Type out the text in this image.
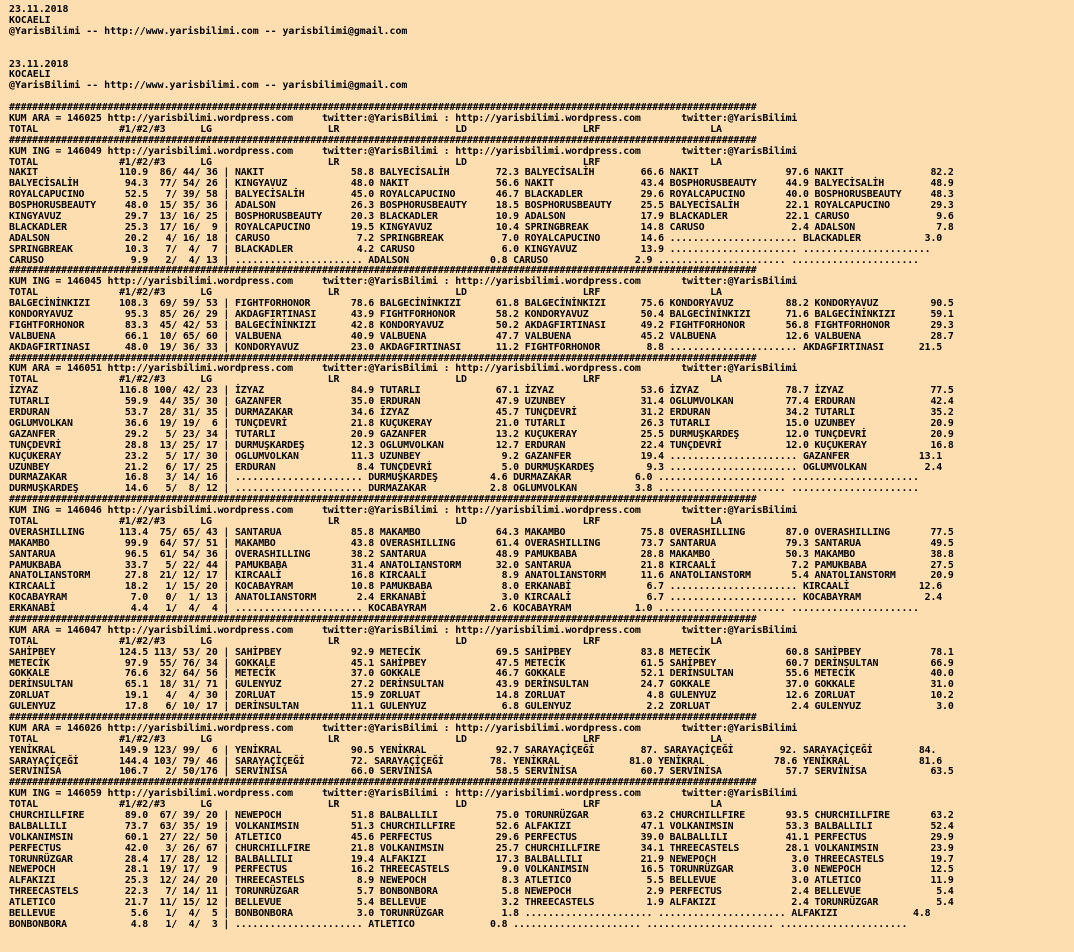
23.11.2018
KOCAELI
@YarisBilimi -- http://www.yarisbilimi.com -- yarisbilimi@gmail.com
23.11.2018
KOCAELI
@YarisBilimi -- http://www.yarisbilimi.com -- yarisbilimi@gmail.com
#################################################################################################################################
KUM ARA = 146025 http://yarisbilimi.wordpress.com     twitter:@YarisBilimi : http://yarisbilimi.wordpress.com       twitter:@YarisBilimi
TOTAL              #1/#2/#3      LG                    LR                    LD                    LRF                   LA
#################################################################################################################################
KUM ING = 146049 http://yarisbilimi.wordpress.com     twitter:@YarisBilimi : http://yarisbilimi.wordpress.com       twitter:@YarisBilimi
TOTAL              #1/#2/#3      LG                    LR                    LD                    LRF                   LA
NAKIT              110.9  86/ 44/ 36 | NAKIT               58.8 BALYECİSALİH        72.3 BALYECİSALİH        66.6 NAKIT               97.6 NAKIT               82.2
BALYECİSALİH        94.3  77/ 54/ 26 | KINGYAVUZ           48.0 NAKIT               56.6 NAKIT               43.4 BOSPHORUSBEAUTY     44.9 BALYECİSALİH        48.9
ROYALCAPUCINO       52.5   7/ 39/ 58 | BALYECİSALİH        45.0 ROYALCAPUCINO       46.7 BLACKADLER          29.6 ROYALCAPUCINO       40.0 BOSPHORUSBEAUTY     48.3
BOSPHORUSBEAUTY     48.0  15/ 35/ 36 | ADALSON             26.3 BOSPHORUSBEAUTY     18.5 BOSPHORUSBEAUTY     25.5 BALYECİSALİH        22.1 ROYALCAPUCINO       29.3
KINGYAVUZ           29.7  13/ 16/ 25 | BOSPHORUSBEAUTY     20.3 BLACKADLER          10.9 ADALSON             17.9 BLACKADLER          22.1 CARUSO               9.6
BLACKADLER          25.3  17/ 16/  9 | ROYALCAPUCINO       19.5 KINGYAVUZ           10.4 SPRINGBREAK         14.8 CARUSO               2.4 ADALSON              7.8
ADALSON             20.2   4/ 16/ 18 | CARUSO               7.2 SPRINGBREAK          7.0 ROYALCAPUCINO       14.6 ...................... BLACKADLER           3.0
SPRINGBREAK         10.3   7/  4/  7 | BLACKADLER           4.2 CARUSO               6.0 KINGYAVUZ           13.9 ...................... ......................
CARUSO               9.9   2/  4/ 13 | ...................... ADALSON              0.8 CARUSO               2.9 ...................... ......................
#################################################################################################################################
KUM ING = 146045 http://yarisbilimi.wordpress.com     twitter:@YarisBilimi : http://yarisbilimi.wordpress.com       twitter:@YarisBilimi
TOTAL              #1/#2/#3      LG                    LR                    LD                    LRF                   LA
BALGECİNİNKIZI     108.3  69/ 59/ 53 | FIGHTFORHONOR       78.6 BALGECİNİNKIZI      61.8 BALGECİNİNKIZI      75.6 KONDORYAVUZ         88.2 KONDORYAVUZ         90.5
KONDORYAVUZ         95.3  85/ 26/ 29 | AKDAGFIRTINASI      43.9 FIGHTFORHONOR       58.2 KONDORYAVUZ         50.4 BALGECİNİNKIZI      71.6 BALGECİNİNKIZI      59.1
FIGHTFORHONOR       83.3  45/ 42/ 53 | BALGECİNİNKIZI      42.8 KONDORYAVUZ         50.2 AKDAGFIRTINASI      49.2 FIGHTFORHONOR       56.8 FIGHTFORHONOR       29.3
VALBUENA            66.1  10/ 65/ 60 | VALBUENA            40.9 VALBUENA            47.7 VALBUENA            45.2 VALBUENA            12.6 VALBUENA            28.7
AKDAGFIRTINASI      48.0  19/ 36/ 33 | KONDORYAVUZ         23.0 AKDAGFIRTINASI      11.2 FIGHTFORHONOR        8.8 ...................... AKDAGFIRTINASI      21.5
#################################################################################################################################
KUM ARA = 146051 http://yarisbilimi.wordpress.com     twitter:@YarisBilimi : http://yarisbilimi.wordpress.com       twitter:@YarisBilimi
TOTAL              #1/#2/#3      LG                    LR                    LD                    LRF                   LA
İZYAZ              116.8 100/ 42/ 23 | İZYAZ               84.9 TUTARLI             67.1 İZYAZ               53.6 İZYAZ               78.7 İZYAZ               77.5
TUTARLI             59.9  44/ 35/ 30 | GAZANFER            35.0 ERDURAN             47.9 UZUNBEY             31.4 OGLUMVOLKAN         77.4 ERDURAN             42.4
ERDURAN             53.7  28/ 31/ 35 | DURMAZAKAR          34.6 İZYAZ               45.7 TUNÇDEVRİ           31.2 ERDURAN             34.2 TUTARLI             35.2
OGLUMVOLKAN         36.6  19/ 19/  6 | TUNÇDEVRİ           21.8 KUÇUKERAY           21.0 TUTARLI             26.3 TUTARLI             15.0 UZUNBEY             20.9
GAZANFER            29.2   5/ 23/ 34 | TUTARLI             20.9 GAZANFER            13.2 KUÇUKERAY           25.5 DURMUŞKARDEŞ        12.0 TUNÇDEVRİ           20.9
TUNÇDEVRİ           28.8  13/ 25/ 17 | DURMUŞKARDEŞ        12.3 OGLUMVOLKAN         12.7 ERDURAN             22.4 TUNÇDEVRİ           12.0 KUÇUKERAY           16.8
KUÇUKERAY           23.2   5/ 17/ 30 | OGLUMVOLKAN         11.3 UZUNBEY              9.2 GAZANFER            19.4 ...................... GAZANFER            13.1
UZUNBEY             21.2   6/ 17/ 25 | ERDURAN              8.4 TUNÇDEVRİ            5.0 DURMUŞKARDEŞ         9.3 ...................... OGLUMVOLKAN          2.4
DURMAZAKAR          16.8   3/ 14/ 16 | ...................... DURMUŞKARDEŞ         4.6 DURMAZAKAR           6.0 ...................... ......................
DURMUŞKARDEŞ        14.6   5/  8/ 12 | ...................... DURMAZAKAR           2.8 OGLUMVOLKAN          3.8 ...................... ......................
#################################################################################################################################
KUM ING = 146046 http://yarisbilimi.wordpress.com     twitter:@YarisBilimi : http://yarisbilimi.wordpress.com       twitter:@YarisBilimi
TOTAL              #1/#2/#3      LG                    LR                    LD                    LRF                   LA
OVERASHILLING      113.4  75/ 65/ 43 | SANTARUA            85.8 MAKAMBO             64.3 MAKAMBO             75.8 OVERASHILLING       87.0 OVERASHILLING       77.5
MAKAMBO             99.9  64/ 57/ 51 | MAKAMBO             43.8 OVERASHILLING       61.4 OVERASHILLING       73.7 SANTARUA            79.3 SANTARUA            49.5
SANTARUA            96.5  61/ 54/ 36 | OVERASHILLING       38.2 SANTARUA            48.9 PAMUKBABA           28.8 MAKAMBO             50.3 MAKAMBO             38.8
PAMUKBABA           33.7   5/ 22/ 44 | PAMUKBABA           31.4 ANATOLIANSTORM      32.0 SANTARUA            21.8 KIRCAALİ             7.2 PAMUKBABA           27.5
ANATOLIANSTORM      27.8  21/ 12/ 17 | KIRCAALİ            16.8 KIRCAALİ             8.9 ANATOLIANSTORM      11.6 ANATOLIANSTORM       5.4 ANATOLIANSTORM      20.9
KIRCAALİ            18.2   1/ 15/ 20 | KOCABAYRAM          10.8 PAMUKBABA            8.0 ERKANABİ             6.7 ...................... KIRCAALİ            12.6
KOCABAYRAM           7.0   0/  1/ 13 | ANATOLIANSTORM       2.4 ERKANABİ             3.0 KIRCAALİ             6.7 ...................... KOCABAYRAM           2.4
ERKANABİ             4.4   1/  4/  4 | ...................... KOCABAYRAM           2.6 KOCABAYRAM           1.0 ...................... ......................
#################################################################################################################################
KUM ARA = 146047 http://yarisbilimi.wordpress.com     twitter:@YarisBilimi : http://yarisbilimi.wordpress.com       twitter:@YarisBilimi
TOTAL              #1/#2/#3      LG                    LR                    LD                    LRF                   LA
SAHİPBEY           124.5 113/ 53/ 20 | SAHİPBEY            92.9 METECİK             69.5 SAHİPBEY            83.8 METECİK             60.8 SAHİPBEY            78.1
METECİK             97.9  55/ 76/ 34 | GOKKALE             45.1 SAHİPBEY            47.5 METECİK             61.5 SAHİPBEY            60.7 DERİNSULTAN         66.9
GOKKALE             76.6  32/ 64/ 56 | METECİK             37.0 GOKKALE             46.7 GOKKALE             52.1 DERİNSULTAN         55.6 METECİK             40.0
DERİNSULTAN         65.1  18/ 31/ 71 | GULENYUZ            27.2 DERİNSULTAN         43.9 DERİNSULTAN         24.7 GOKKALE             37.0 GOKKALE             31.0
ZORLUAT             19.1   4/  4/ 30 | ZORLUAT             15.9 ZORLUAT             14.8 ZORLUAT              4.8 GULENYUZ            12.6 ZORLUAT             10.2
GULENYUZ            17.8   6/ 10/ 17 | DERİNSULTAN         11.1 GULENYUZ             6.8 GULENYUZ             2.2 ZORLUAT              2.4 GULENYUZ             3.0
#################################################################################################################################
KUM ARA = 146026 http://yarisbilimi.wordpress.com     twitter:@YarisBilimi : http://yarisbilimi.wordpress.com       twitter:@YarisBilimi
TOTAL              #1/#2/#3      LG                    LR                    LD                    LRF                   LA
YENİKRAL           149.9 123/ 99/  6 | YENİKRAL            90.5 YENİKRAL            92.7 SARAYAÇİÇEĞİ        87. SARAYAÇİÇEĞİ        92. SARAYAÇİÇEĞİ        84.
SARAYAÇİÇEĞİ       144.4 103/ 79/ 46 | SARAYAÇİÇEĞİ        72. SARAYAÇİÇEĞİ        78. YENİKRAL            81.0 YENİKRAL            78.6 YENİKRAL            81.6
SERVİNİSA          106.7   2/ 50/176 | SERVİNİSA           66.0 SERVİNİSA           58.5 SERVİNİSA           60.7 SERVİNİSA           57.7 SERVİNİSA           63.5
#################################################################################################################################
KUM ING = 146059 http://yarisbilimi.wordpress.com     twitter:@YarisBilimi : http://yarisbilimi.wordpress.com       twitter:@YarisBilimi
TOTAL              #1/#2/#3      LG                    LR                    LD                    LRF                   LA
CHURCHILLFIRE       89.0  67/ 39/ 20 | NEWEPOCH            51.8 BALBALLILI          75.0 TORUNRÜZGAR         63.2 CHURCHILLFIRE       93.5 CHURCHILLFIRE       63.2
BALBALLILI          73.7  63/ 35/ 19 | VOLKANIMSIN         51.3 CHURCHILLFIRE       52.6 ALFAKIZI            47.1 VOLKANIMSIN         53.3 BALBALLILI          52.4
VOLKANIMSIN         60.1  27/ 22/ 50 | ATLETICO            45.6 PERFECTUS           29.6 PERFECTUS           39.0 BALBALLILI          41.1 PERFECTUS           29.9
PERFECTUS           42.0   3/ 26/ 67 | CHURCHILLFIRE       21.8 VOLKANIMSIN         25.7 CHURCHILLFIRE       34.1 THREECASTELS        28.1 VOLKANIMSIN         23.9
TORUNRÜZGAR         28.4  17/ 28/ 12 | BALBALLILI          19.4 ALFAKIZI            17.3 BALBALLILI          21.9 NEWEPOCH             3.0 THREECASTELS        19.7
NEWEPOCH            28.1  19/ 17/  9 | PERFECTUS           16.2 THREECASTELS         9.0 VOLKANIMSIN         16.5 TORUNRÜZGAR          3.0 NEWEPOCH            12.5
ALFAKIZI            25.3  12/ 24/ 20 | THREECASTELS         8.9 NEWEPOCH             8.3 ATLETICO             5.5 BELLEVUE             3.0 ATLETICO            11.9
THREECASTELS        22.3   7/ 14/ 11 | TORUNRÜZGAR          5.7 BONBONBORA           5.8 NEWEPOCH             2.9 PERFECTUS            2.4 BELLEVUE             5.4
ATLETICO            21.7  11/ 15/ 12 | BELLEVUE             5.4 BELLEVUE             3.2 THREECASTELS         1.9 ALFAKIZI             2.4 TORUNRÜZGAR          5.4
BELLEVUE             5.6   1/  4/  5 | BONBONBORA           3.0 TORUNRÜZGAR          1.8 ...................... ...................... ALFAKIZI             4.8
BONBONBORA           4.8   1/  4/  3 | ...................... ATLETICO             0.8 ...................... ...................... ......................
